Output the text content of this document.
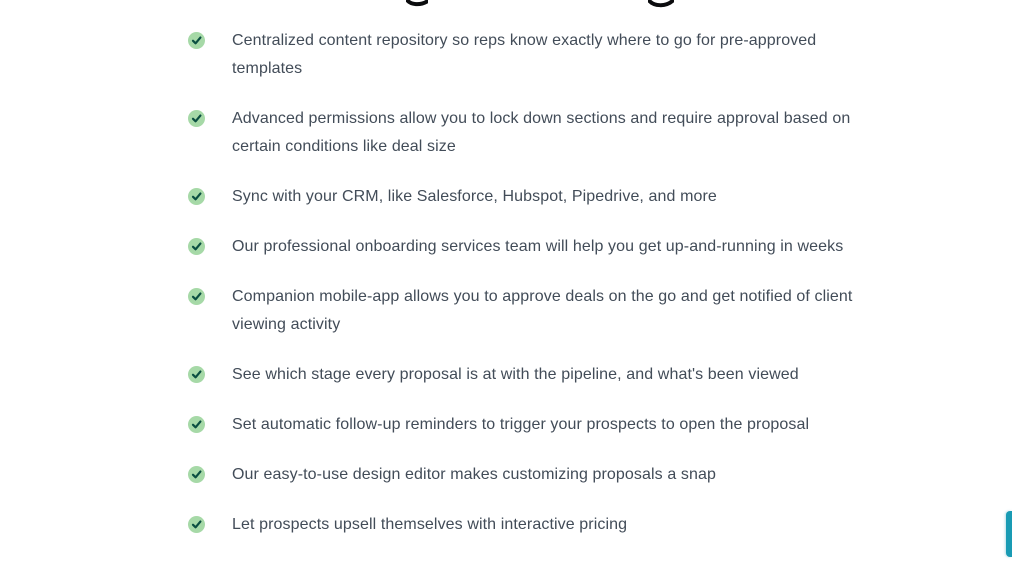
Centralized content repository so reps know exactly where to go for pre-approved templates
Advanced permissions allow you to lock down sections and require approval based on certain conditions like deal size
Sync with your CRM, like Salesforce, Hubspot, Pipedrive, and more
Our professional onboarding services team will help you get up-and-running in weeks
Companion mobile-app allows you to approve deals on the go and get notified of client viewing activity
See which stage every proposal is at with the pipeline, and what's been viewed
Set automatic follow-up reminders to trigger your prospects to open the proposal
Our easy-to-use design editor makes customizing proposals a snap
Let prospects upsell themselves with interactive pricing
